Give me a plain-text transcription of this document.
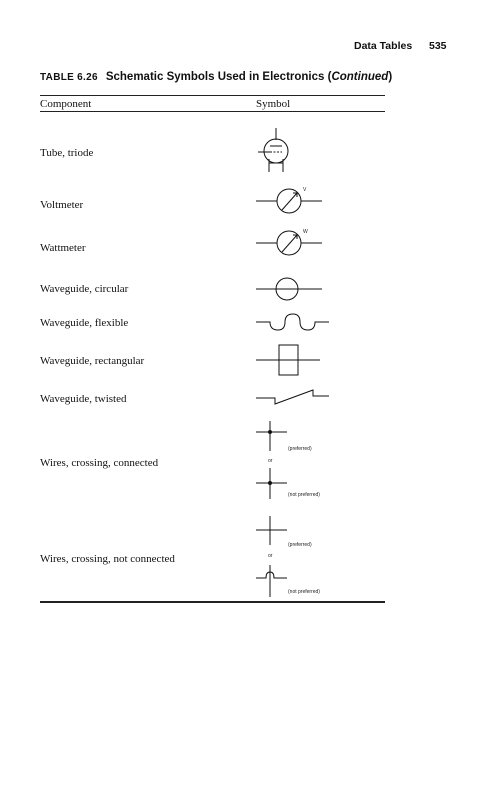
Data Tables 535
TABLE 6.26 Schematic Symbols Used in Electronics (Continued)
Component	Symbol
Tube, triode
Voltmeter
Wattmeter
Waveguide, circular
Waveguide, flexible
Waveguide, rectangular
Waveguide, twisted
Wires, crossing, connected
Wires, crossing, not connected
V
W
(preferred)
or
(not preferred)
(preferred)
or
(not preferred)
